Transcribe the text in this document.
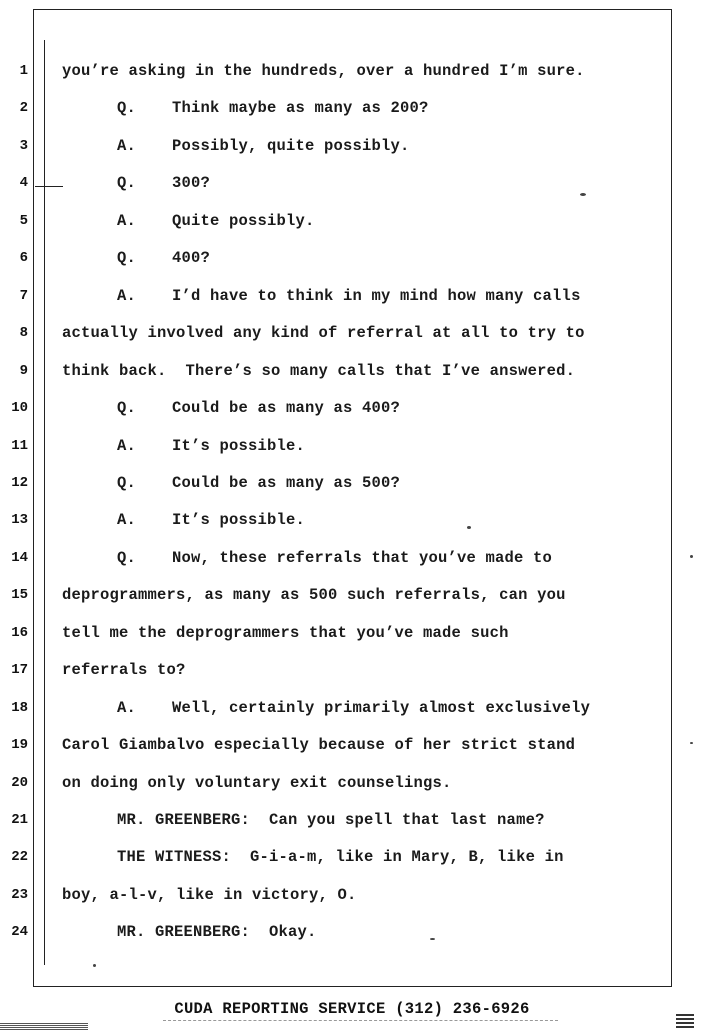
1 you’re asking in the hundreds, over a hundred I’m sure.
2	Q. Think maybe as many as 200?
3	A. Possibly, quite possibly.
4	Q. 300?
5	A. Quite possibly.
6	Q. 400?
7	A. I’d have to think in my mind how many calls
8 actually involved any kind of referral at all to try to
9 think back.  There’s so many calls that I’ve answered.
10	Q. Could be as many as 400?
11	A. It’s possible.
12	Q. Could be as many as 500?
13	A. It’s possible.
14	Q. Now, these referrals that you’ve made to
15 deprogrammers, as many as 500 such referrals, can you
16 tell me the deprogrammers that you’ve made such
17 referrals to?
18	A. Well, certainly primarily almost exclusively
19 Carol Giambalvo especially because of her strict stand
20 on doing only voluntary exit counselings.
21	MR. GREENBERG:  Can you spell that last name?
22	THE WITNESS:  G-i-a-m, like in Mary, B, like in
23 boy, a-l-v, like in victory, O.
24	MR. GREENBERG:  Okay.
CUDA REPORTING SERVICE (312) 236-6926
